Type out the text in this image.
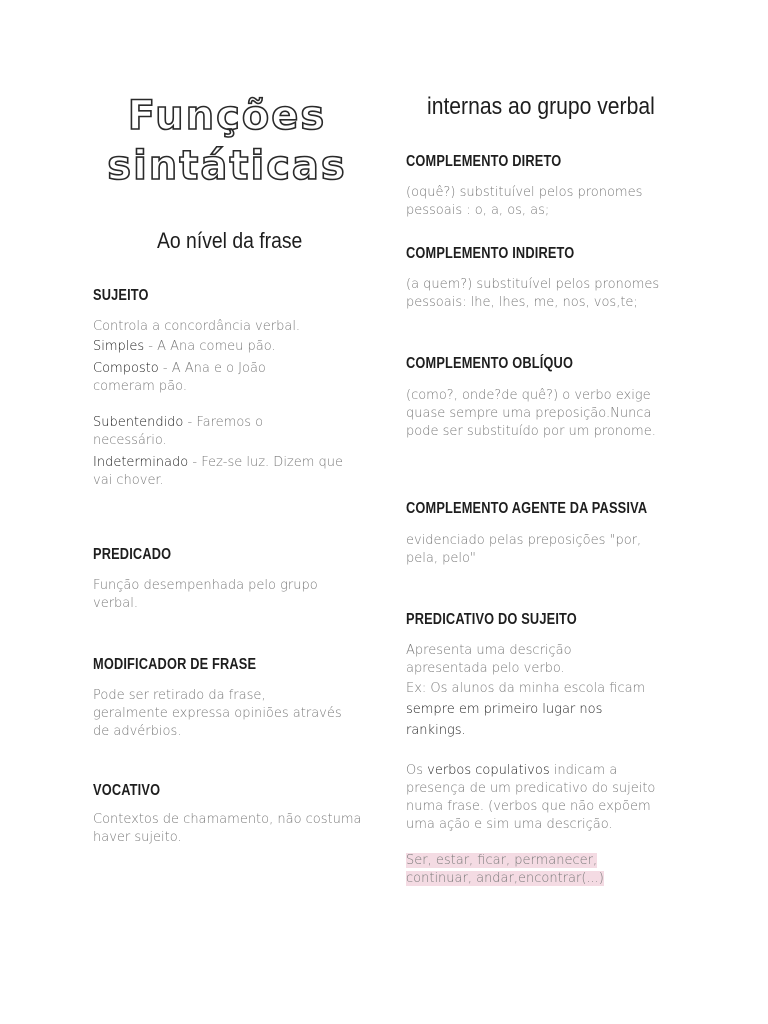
Funções
sintáticas
Ao nível da frase
SUJEITO
Controla a concordância verbal.
Simples - A Ana comeu pão.
Composto - A Ana e o João comeram pão.
Subentendido - Faremos o necessário.
Indeterminado - Fez-se luz. Dizem que vai chover.
PREDICADO
Função desempenhada pelo grupo verbal.
MODIFICADOR DE FRASE
Pode ser retirado da frase, geralmente expressa opiniões através de advérbios.
VOCATIVO
Contextos de chamamento, não costuma haver sujeito.
internas ao grupo verbal
COMPLEMENTO DIRETO
(oquê?) substituível pelos pronomes pessoais : o, a, os, as;
COMPLEMENTO INDIRETO
(a quem?) substituível pelos pronomes pessoais: lhe, lhes, me, nos, vos,te;
COMPLEMENTO OBLÍQUO
(como?, onde?de quê?) o verbo exige quase sempre uma preposição.Nunca pode ser substituído por um pronome.
COMPLEMENTO AGENTE DA PASSIVA
evidenciado pelas preposições "por, pela, pelo"
PREDICATIVO DO SUJEITO
Apresenta uma descrição apresentada pelo verbo.
Ex: Os alunos da minha escola ficam sempre em primeiro lugar nos rankings.
Os verbos copulativos indicam a presença de um predicativo do sujeito numa frase. (verbos que não expõem uma ação e sim uma descrição.
Ser, estar, ficar, permanecer,
continuar, andar,encontrar(...)
